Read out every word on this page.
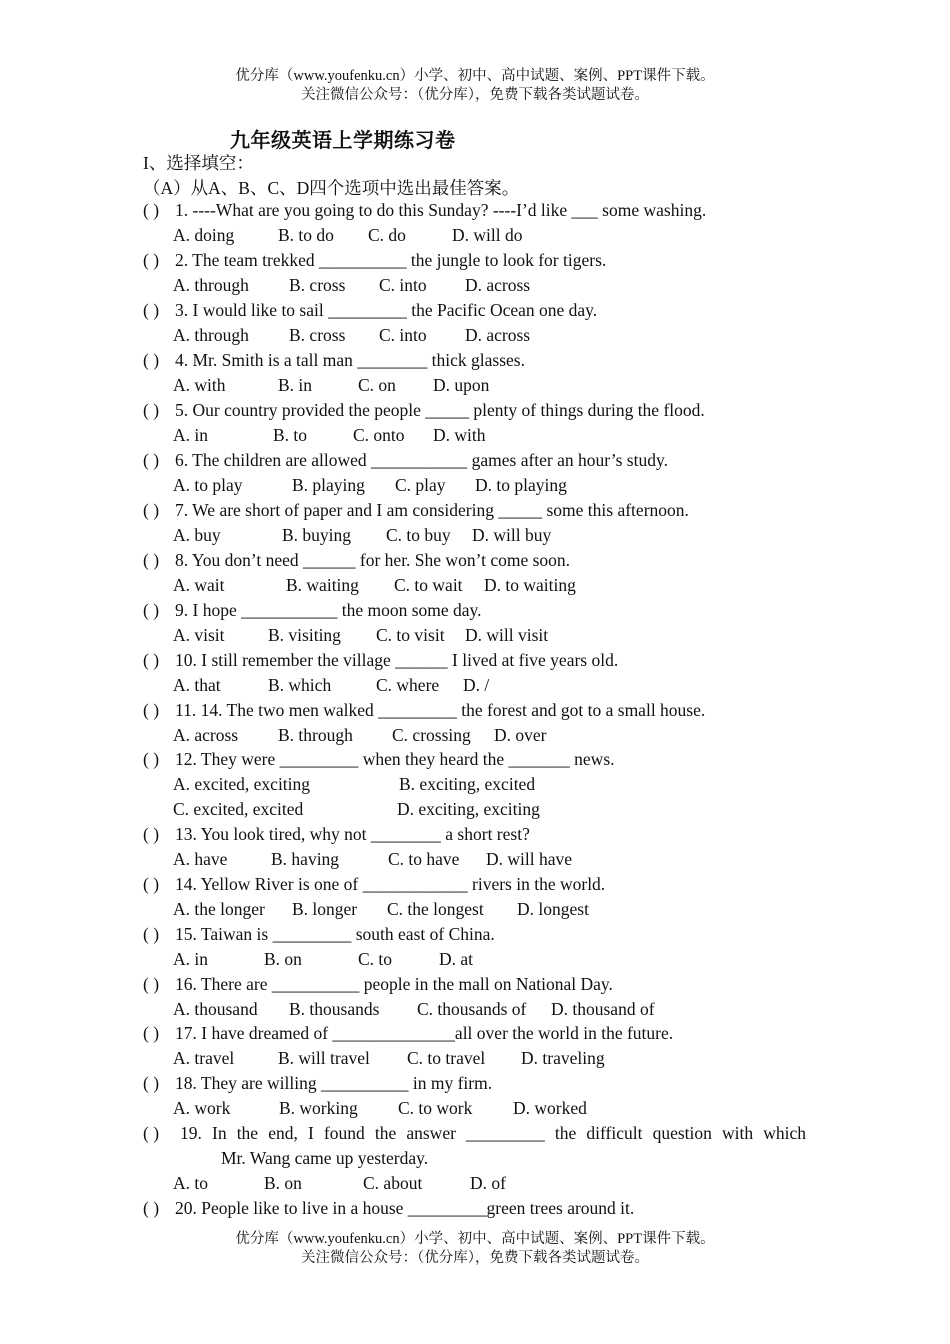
优分库（www.youfenku.cn）小学、初中、高中试题、案例、PPT课件下载。
关注微信公众号：（优分库），免费下载各类试题试卷。
九年级英语上学期练习卷
I、选择填空：
（A）从A、B、C、D四个选项中选出最佳答案。
( ) 1. ----What are you going to do this Sunday? ----I’d like ___ some washing.
A. doing	B. to do C. do	D. will do
( ) 2. The team trekked __________ the jungle to look for tigers.
A. through B. cross C. into D. across
( ) 3. I would like to sail _________ the Pacific Ocean one day.
A. through B. cross C. into D. across
( ) 4. Mr. Smith is a tall man ________ thick glasses.
A. with	B. in	C. on D. upon
( ) 5. Our country provided the people _____ plenty of things during the flood.
A. in	B. to	C. onto D. with
( ) 6. The children are allowed ___________ games after an hour’s study.
A. to play	B. playing C. play D. to playing
( ) 7. We are short of paper and I am considering _____ some this afternoon.
A. buy	B. buying C. to buy D. will buy
( ) 8. You don’t need ______ for her. She won’t come soon.
A. wait	B. waiting C. to wait D. to waiting
( ) 9. I hope ___________ the moon some day.
A. visit B. visiting C. to visit D. will visit
( ) 10. I still remember the village ______ I lived at five years old.
A. that	B. which	C. where D. /
( ) 11. 14. The two men walked _________ the forest and got to a small house.
A. across B. through C. crossing D. over
( ) 12. They were _________ when they heard the _______ news.
A. excited, exciting	B. exciting, excited
C. excited, excited	D. exciting, exciting
( ) 13. You look tired, why not ________ a short rest?
A. have B. having	C. to have D. will have
( ) 14. Yellow River is one of ____________ rivers in the world.
A. the longer B. longer C. the longest D. longest
( ) 15. Taiwan is _________ south east of China.
A. in	B. on	C. to	D. at
( ) 16. There are __________ people in the mall on National Day.
A. thousand B. thousands C. thousands of D. thousand of
( ) 17. I have dreamed of ______________all over the world in the future.
A. travel	B. will travel C. to travel D. traveling
( ) 18. They are willing __________ in my firm.
A. work	B. working C. to work D. worked
( ) 19. In the end, I found the answer _________ the difficult question with which
Mr. Wang came up yesterday.
A. to	B. on	C. about	D. of
( ) 20. People like to live in a house _________green trees around it.
优分库（www.youfenku.cn）小学、初中、高中试题、案例、PPT课件下载。
关注微信公众号：（优分库），免费下载各类试题试卷。
